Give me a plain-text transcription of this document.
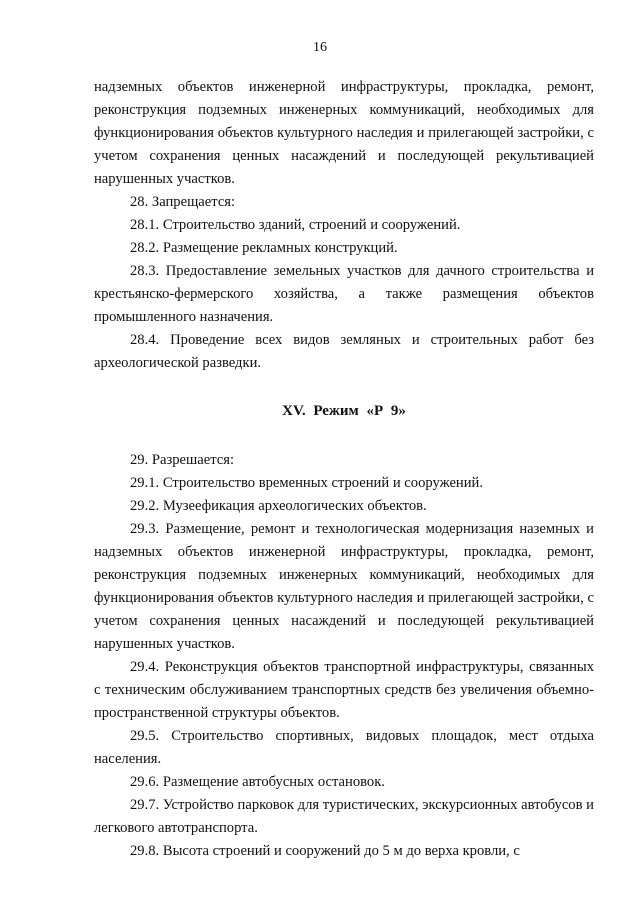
16

надземных объектов инженерной инфраструктуры, прокладка, ремонт, реконструкция подземных инженерных коммуникаций, необходимых для функционирования объектов культурного наследия и прилегающей застройки, с учетом сохранения ценных насаждений и последующей рекультивацией нарушенных участков.

28. Запрещается:

28.1. Строительство зданий, строений и сооружений.

28.2. Размещение рекламных конструкций.

28.3. Предоставление земельных участков для дачного строительства и крестьянско-фермерского хозяйства, а также размещения объектов промышленного назначения.

28.4. Проведение всех видов земляных и строительных работ без археологической разведки.

XV. Режим «Р 9»

29. Разрешается:

29.1. Строительство временных строений и сооружений.

29.2. Музеефикация археологических объектов.

29.3. Размещение, ремонт и технологическая модернизация наземных и надземных объектов инженерной инфраструктуры, прокладка, ремонт, реконструкция подземных инженерных коммуникаций, необходимых для функционирования объектов культурного наследия и прилегающей застройки, с учетом сохранения ценных насаждений и последующей рекультивацией нарушенных участков.

29.4. Реконструкция объектов транспортной инфраструктуры, связанных с техническим обслуживанием транспортных средств без увеличения объемно-пространственной структуры объектов.

29.5. Строительство спортивных, видовых площадок, мест отдыха населения.

29.6. Размещение автобусных остановок.

29.7. Устройство парковок для туристических, экскурсионных автобусов и легкового автотранспорта.

29.8. Высота строений и сооружений до 5 м до верха кровли, с
